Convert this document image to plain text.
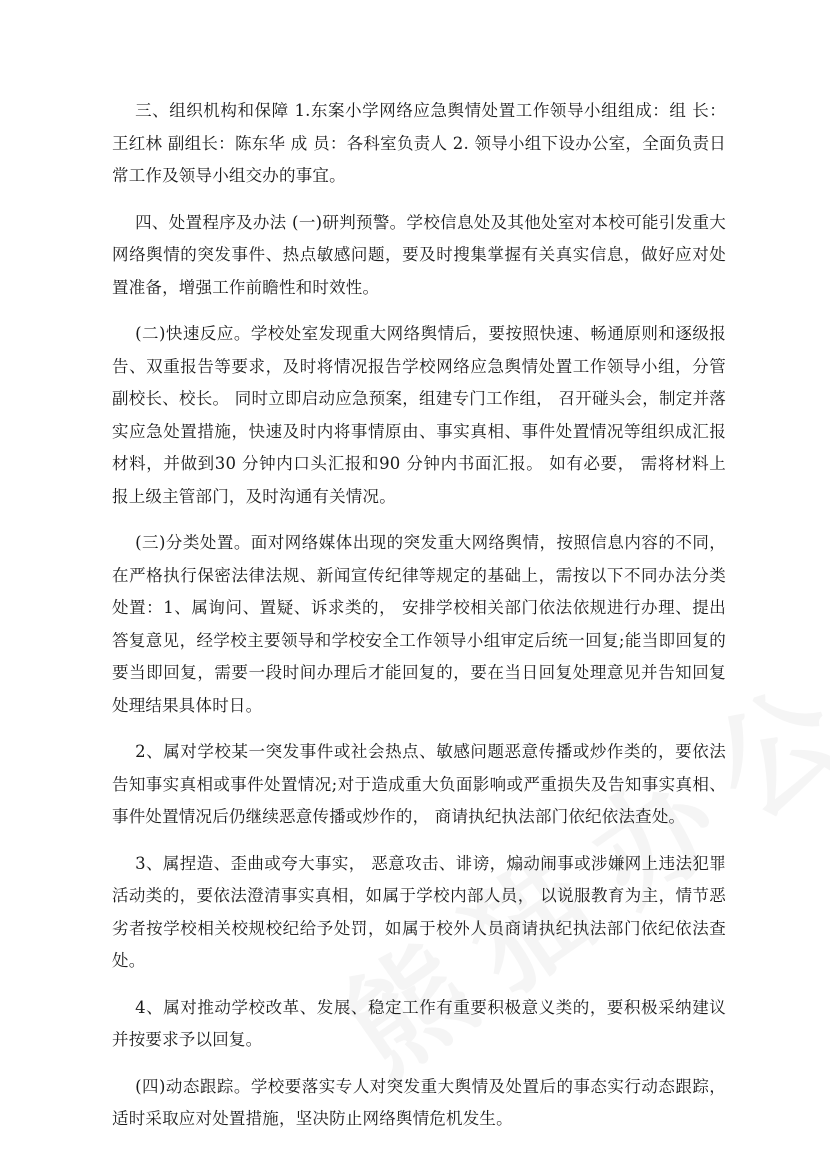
三、组织机构和保障 1.东案小学网络应急舆情处置工作领导小组组成：组 长：王红林 副组长：陈东华 成 员：各科室负责人 2. 领导小组下设办公室，全面负责日常工作及领导小组交办的事宜。

四、处置程序及办法 (一)研判预警。学校信息处及其他处室对本校可能引发重大网络舆情的突发事件、热点敏感问题，要及时搜集掌握有关真实信息，做好应对处置准备，增强工作前瞻性和时效性。

(二)快速反应。学校处室发现重大网络舆情后，要按照快速、畅通原则和逐级报告、双重报告等要求，及时将情况报告学校网络应急舆情处置工作领导小组，分管副校长、校长。 同时立即启动应急预案，组建专门工作组， 召开碰头会，制定并落实应急处置措施，快速及时内将事情原由、事实真相、事件处置情况等组织成汇报材料，并做到30 分钟内口头汇报和90 分钟内书面汇报。 如有必要， 需将材料上报上级主管部门，及时沟通有关情况。

(三)分类处置。面对网络媒体出现的突发重大网络舆情，按照信息内容的不同，在严格执行保密法律法规、新闻宣传纪律等规定的基础上，需按以下不同办法分类处置：1、属询问、置疑、诉求类的， 安排学校相关部门依法依规进行办理、提出答复意见，经学校主要领导和学校安全工作领导小组审定后统一回复;能当即回复的要当即回复，需要一段时间办理后才能回复的，要在当日回复处理意见并告知回复处理结果具体时日。

2、属对学校某一突发事件或社会热点、敏感问题恶意传播或炒作类的，要依法告知事实真相或事件处置情况;对于造成重大负面影响或严重损失及告知事实真相、事件处置情况后仍继续恶意传播或炒作的， 商请执纪执法部门依纪依法查处。

3、属捏造、歪曲或夸大事实， 恶意攻击、诽谤，煽动闹事或涉嫌网上违法犯罪活动类的，要依法澄清事实真相，如属于学校内部人员， 以说服教育为主，情节恶劣者按学校相关校规校纪给予处罚，如属于校外人员商请执纪执法部门依纪依法查处。

4、属对推动学校改革、发展、稳定工作有重要积极意义类的，要积极采纳建议并按要求予以回复。

(四)动态跟踪。学校要落实专人对突发重大舆情及处置后的事态实行动态跟踪，适时采取应对处置措施，坚决防止网络舆情危机发生。
